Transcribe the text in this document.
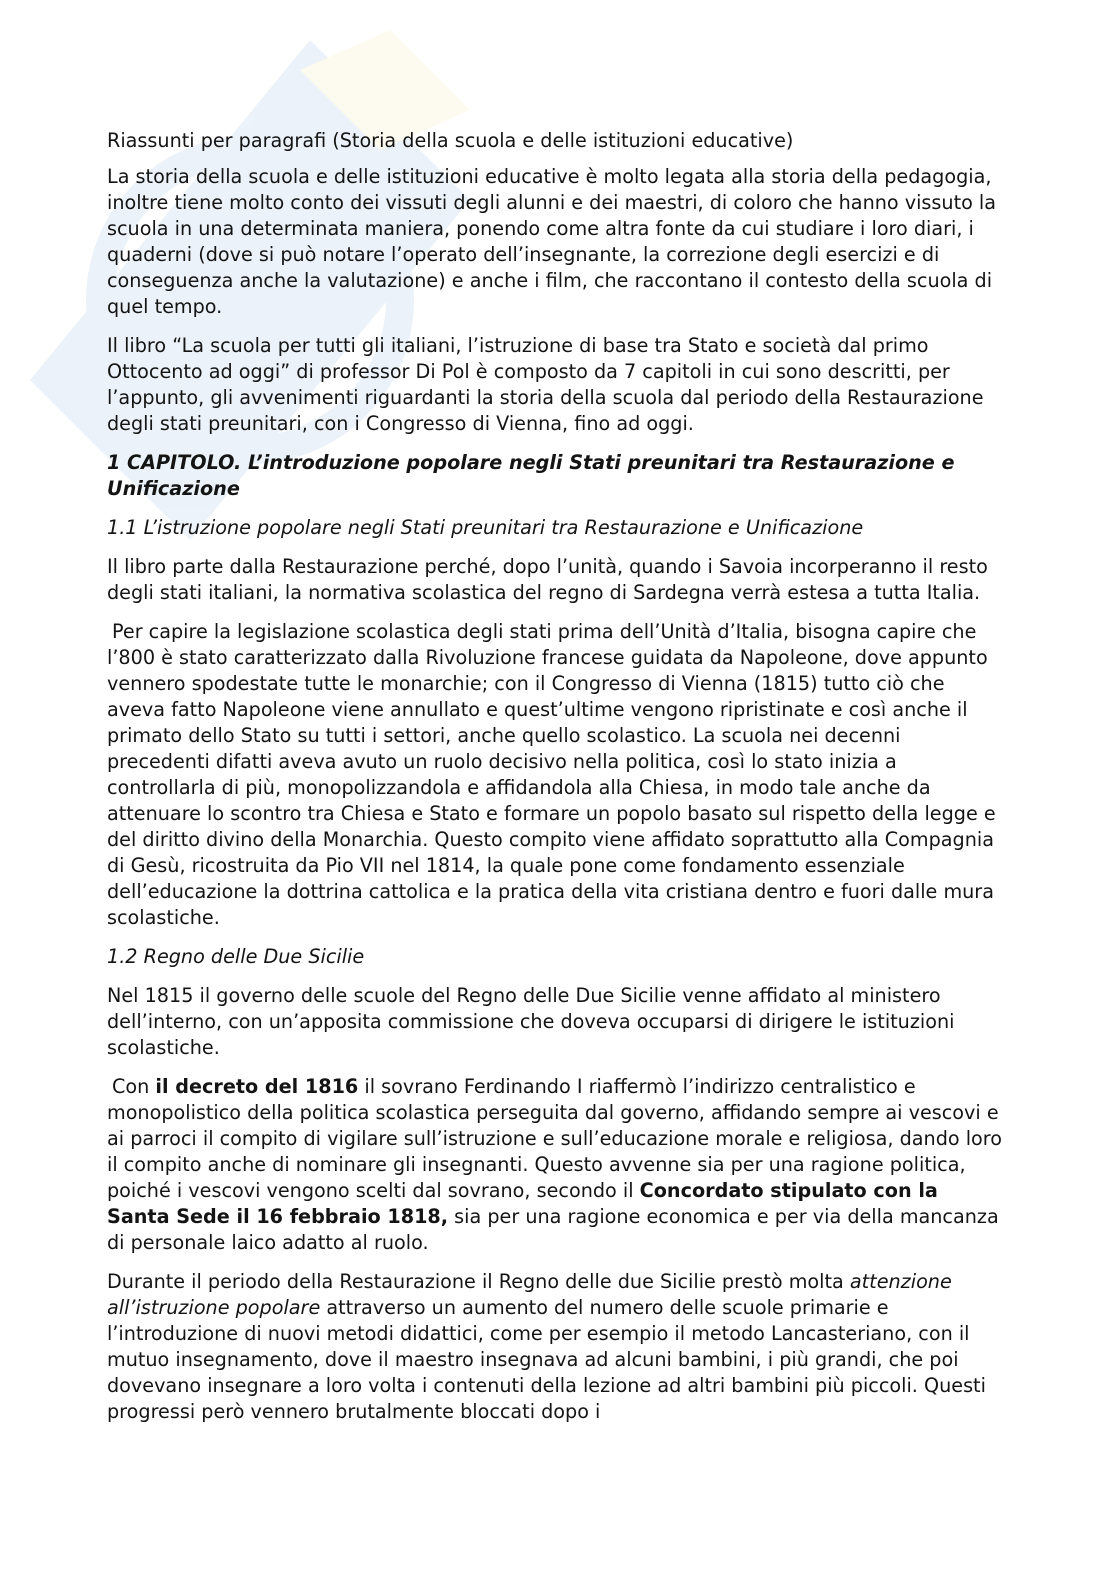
Riassunti per paragrafi (Storia della scuola e delle istituzioni educative)

La storia della scuola e delle istituzioni educative è molto legata alla storia della pedagogia, inoltre tiene molto conto dei vissuti degli alunni e dei maestri, di coloro che hanno vissuto la scuola in una determinata maniera, ponendo come altra fonte da cui studiare i loro diari, i quaderni (dove si può notare l’operato dell’insegnante, la correzione degli esercizi e di conseguenza anche la valutazione) e anche i film, che raccontano il contesto della scuola di quel tempo.

Il libro “La scuola per tutti gli italiani, l’istruzione di base tra Stato e società dal primo Ottocento ad oggi” di professor Di Pol è composto da 7 capitoli in cui sono descritti, per l’appunto, gli avvenimenti riguardanti la storia della scuola dal periodo della Restaurazione degli stati preunitari, con i Congresso di Vienna, fino ad oggi.

1 CAPITOLO. L’introduzione popolare negli Stati preunitari tra Restaurazione e Unificazione
1.1 L’istruzione popolare negli Stati preunitari tra Restaurazione e Unificazione

Il libro parte dalla Restaurazione perché, dopo l’unità, quando i Savoia incorperanno il resto degli stati italiani, la normativa scolastica del regno di Sardegna verrà estesa a tutta Italia.

Per capire la legislazione scolastica degli stati prima dell’Unità d’Italia, bisogna capire che l’800 è stato caratterizzato dalla Rivoluzione francese guidata da Napoleone, dove appunto vennero spodestate tutte le monarchie; con il Congresso di Vienna (1815) tutto ciò che aveva fatto Napoleone viene annullato e quest’ultime vengono ripristinate e così anche il primato dello Stato su tutti i settori, anche quello scolastico. La scuola nei decenni precedenti difatti aveva avuto un ruolo decisivo nella politica, così lo stato inizia a controllarla di più, monopolizzandola e affidandola alla Chiesa, in modo tale anche da attenuare lo scontro tra Chiesa e Stato e formare un popolo basato sul rispetto della legge e del diritto divino della Monarchia. Questo compito viene affidato soprattutto alla Compagnia di Gesù, ricostruita da Pio VII nel 1814, la quale pone come fondamento essenziale dell’educazione la dottrina cattolica e la pratica della vita cristiana dentro e fuori dalle mura scolastiche.

1.2 Regno delle Due Sicilie

Nel 1815 il governo delle scuole del Regno delle Due Sicilie venne affidato al ministero dell’interno, con un’apposita commissione che doveva occuparsi di dirigere le istituzioni scolastiche.

Con il decreto del 1816 il sovrano Ferdinando I riaffermò l’indirizzo centralistico e monopolistico della politica scolastica perseguita dal governo, affidando sempre ai vescovi e ai parroci il compito di vigilare sull’istruzione e sull’educazione morale e religiosa, dando loro il compito anche di nominare gli insegnanti. Questo avvenne sia per una ragione politica, poiché i vescovi vengono scelti dal sovrano, secondo il Concordato stipulato con la Santa Sede il 16 febbraio 1818, sia per una ragione economica e per via della mancanza di personale laico adatto al ruolo.

Durante il periodo della Restaurazione il Regno delle due Sicilie prestò molta attenzione all’istruzione popolare attraverso un aumento del numero delle scuole primarie e l’introduzione di nuovi metodi didattici, come per esempio il metodo Lancasteriano, con il mutuo insegnamento, dove il maestro insegnava ad alcuni bambini, i più grandi, che poi dovevano insegnare a loro volta i contenuti della lezione ad altri bambini più piccoli. Questi progressi però vennero brutalmente bloccati dopo i
